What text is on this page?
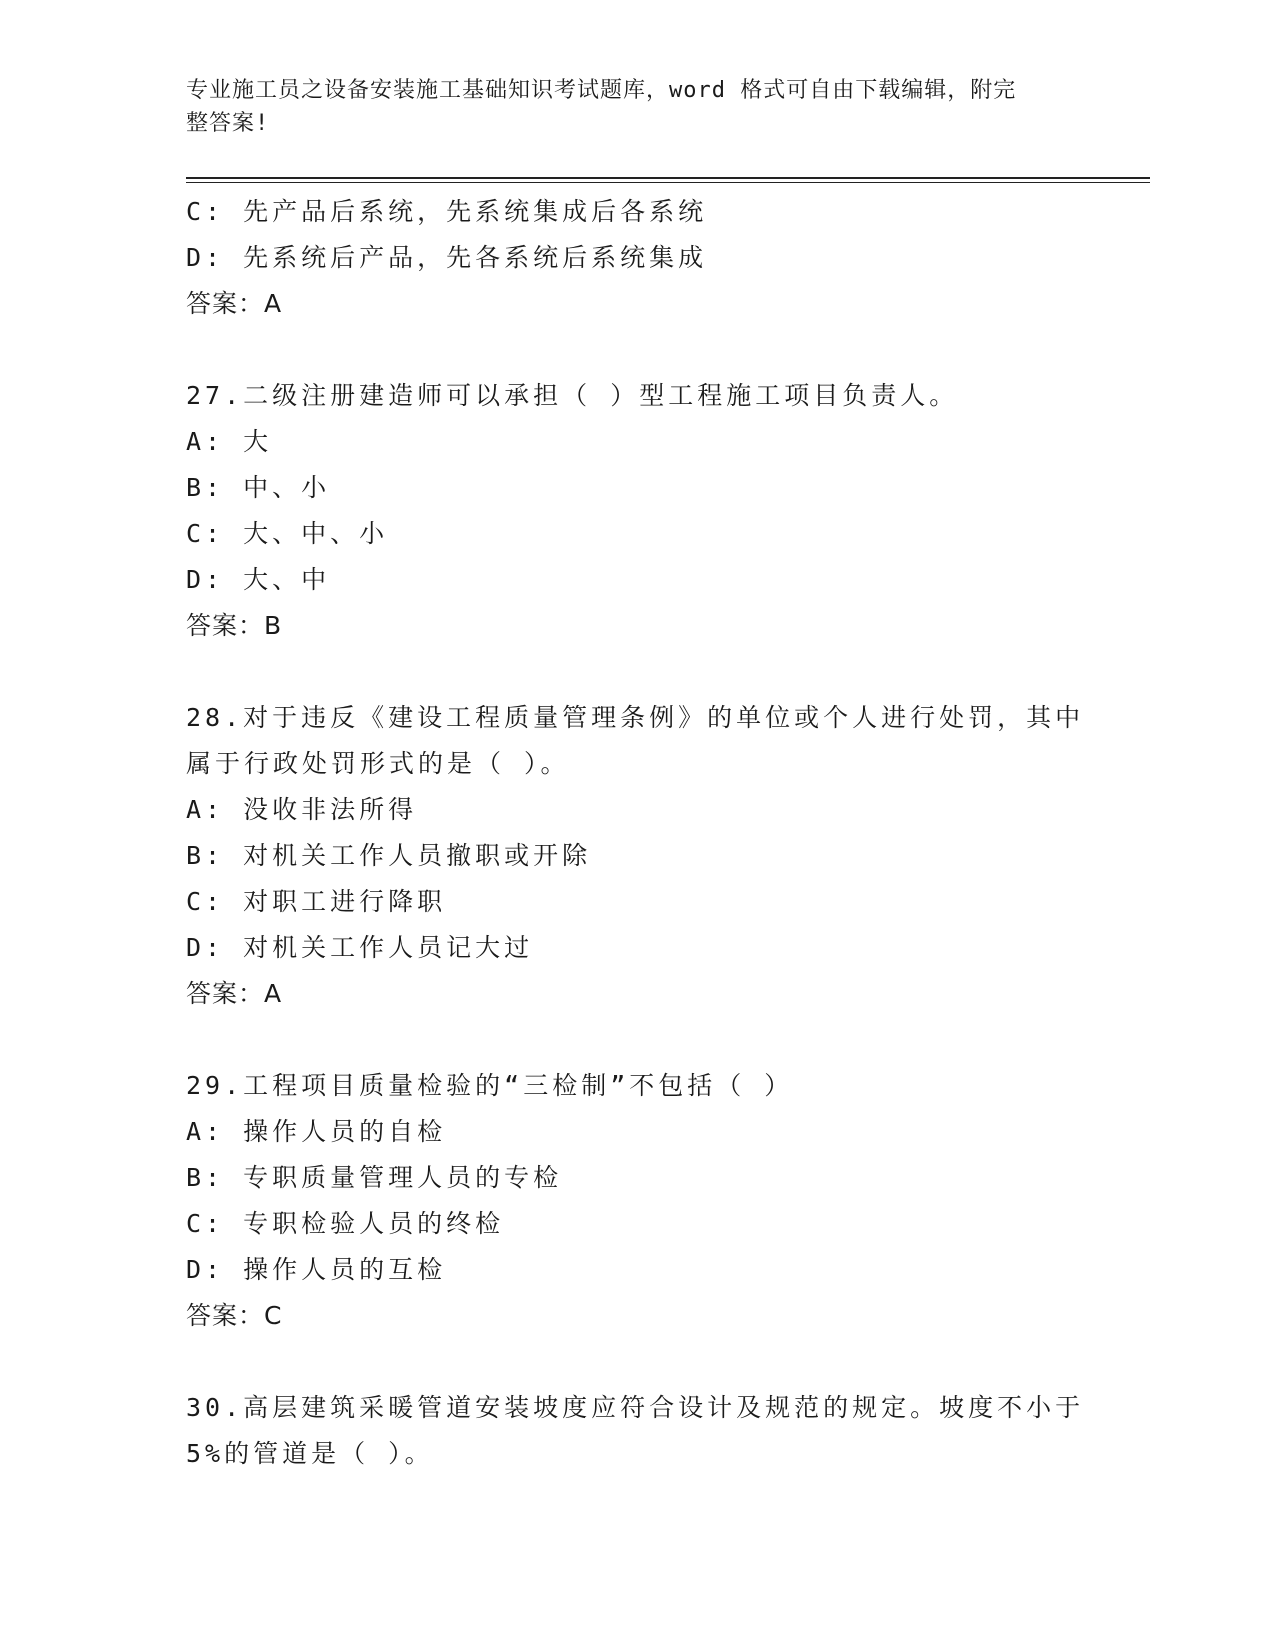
专业施工员之设备安装施工基础知识考试题库，word 格式可自由下载编辑，附完
整答案!
C: 先产品后系统，先系统集成后各系统
D: 先系统后产品，先各系统后系统集成
答案：A
27.二级注册建造师可以承担（ ）型工程施工项目负责人。
A: 大
B: 中、小
C: 大、中、小
D: 大、中
答案：B
28.对于违反《建设工程质量管理条例》的单位或个人进行处罚，其中
属于行政处罚形式的是（ ）。
A: 没收非法所得
B: 对机关工作人员撤职或开除
C: 对职工进行降职
D: 对机关工作人员记大过
答案：A
29.工程项目质量检验的“三检制”不包括（ ）
A: 操作人员的自检
B: 专职质量管理人员的专检
C: 专职检验人员的终检
D: 操作人员的互检
答案：C
30.高层建筑采暖管道安装坡度应符合设计及规范的规定。坡度不小于
5%的管道是（ ）。
